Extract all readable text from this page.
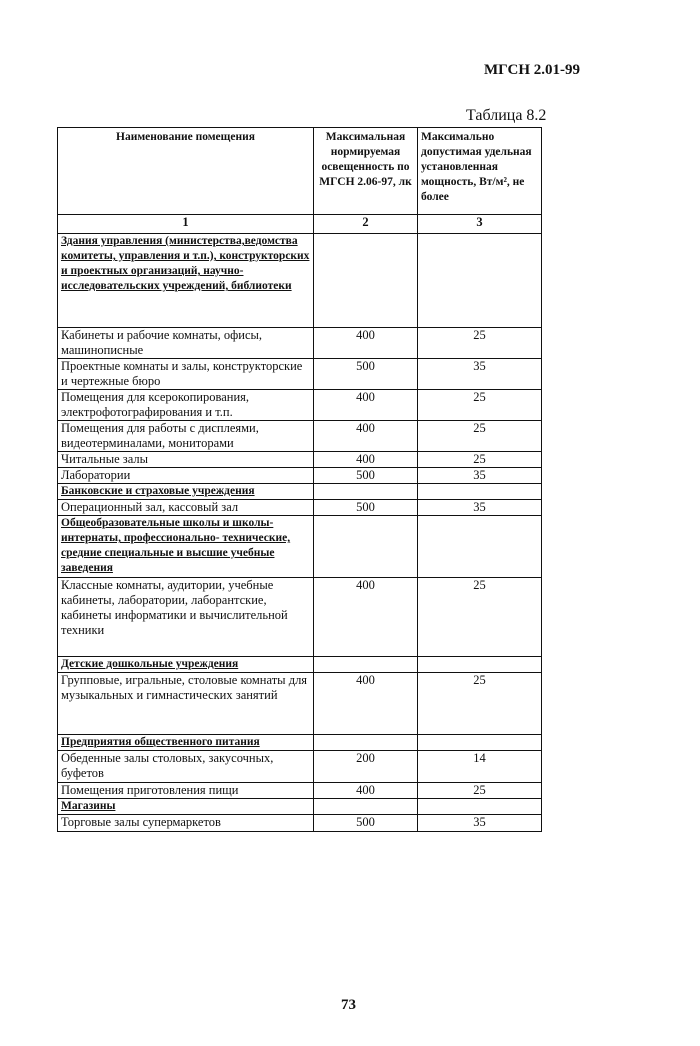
МГСН 2.01-99
Таблица 8.2
Наименование помещения	Максимальная нормируемая освещенность по МГСН 2.06-97, лк	Максимально допустимая удельная установленная мощность, Вт/м², не более
1	2	3
Здания управления (министерства,ведомства комитеты, управления и т.п.), конструкторских и проектных организаций, научно-исследовательских учреждений, библиотеки		
Кабинеты и рабочие комнаты, офисы, машинописные	400	25
Проектные комнаты и залы, конструкторские и чертежные бюро	500	35
Помещения для ксерокопирования, электрофотографирования и т.п.	400	25
Помещения для работы с дисплеями, видеотерминалами, мониторами	400	25
Читальные залы	400	25
Лаборатории	500	35
Банковские и страховые учреждения		
Операционный зал, кассовый зал	500	35
Общеобразовательные школы и школы-интернаты, профессионально- технические, средние специальные и высшие учебные заведения		
Классные комнаты, аудитории, учебные кабинеты, лаборатории, лаборантские, кабинеты информатики и вычислительной техники	400	25
Детские дошкольные учреждения		
Групповые, игральные, столовые комнаты для музыкальных и гимнастических занятий	400	25
Предприятия общественного питания		
Обеденные залы столовых, закусочных, буфетов	200	14
Помещения приготовления пищи	400	25
Магазины		
Торговые залы супермаркетов	500	35
73
